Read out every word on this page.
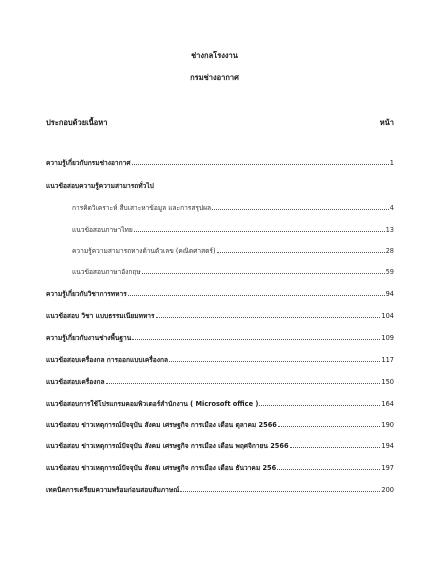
ช่างกลโรงงาน
กรมช่างอากาศ
ประกอบด้วยเนื้อหา	หน้า
ความรู้เกี่ยวกับกรมช่างอากาศ	1
แนวข้อสอบความรู้ความสามารถทั่วไป
การคิดวิเคราะห์ สืบเสาะหาข้อมูล และการสรุปผล	4
แนวข้อสอบภาษาไทย	13
ความรู้ความสามารถทางด้านตัวเลข (คณิตศาสตร์)	28
แนวข้อสอบภาษาอังกฤษ	59
ความรู้เกี่ยวกับวิชาการทหาร	94
แนวข้อสอบ วิชา แบบธรรมเนียมทหาร	104
ความรู้เกี่ยวกับงานช่างพื้นฐาน	109
แนวข้อสอบเครื่องกล การออกแบบเครื่องกล	117
แนวข้อสอบเครื่องกล	150
แนวข้อสอบการใช้โปรแกรมคอมพิวเตอร์สำนักงาน ( Microsoft office )	164
แนวข้อสอบ ข่าวเหตุการณ์ปัจจุบัน สังคม เศรษฐกิจ การเมือง เดือน ตุลาคม 2566	190
แนวข้อสอบ ข่าวเหตุการณ์ปัจจุบัน สังคม เศรษฐกิจ การเมือง เดือน พฤศจิกายน 2566	194
แนวข้อสอบ ข่าวเหตุการณ์ปัจจุบัน สังคม เศรษฐกิจ การเมือง เดือน ธันวาคม 256	197
เทคนิคการเตรียมความพร้อมก่อนสอบสัมภาษณ์	200
